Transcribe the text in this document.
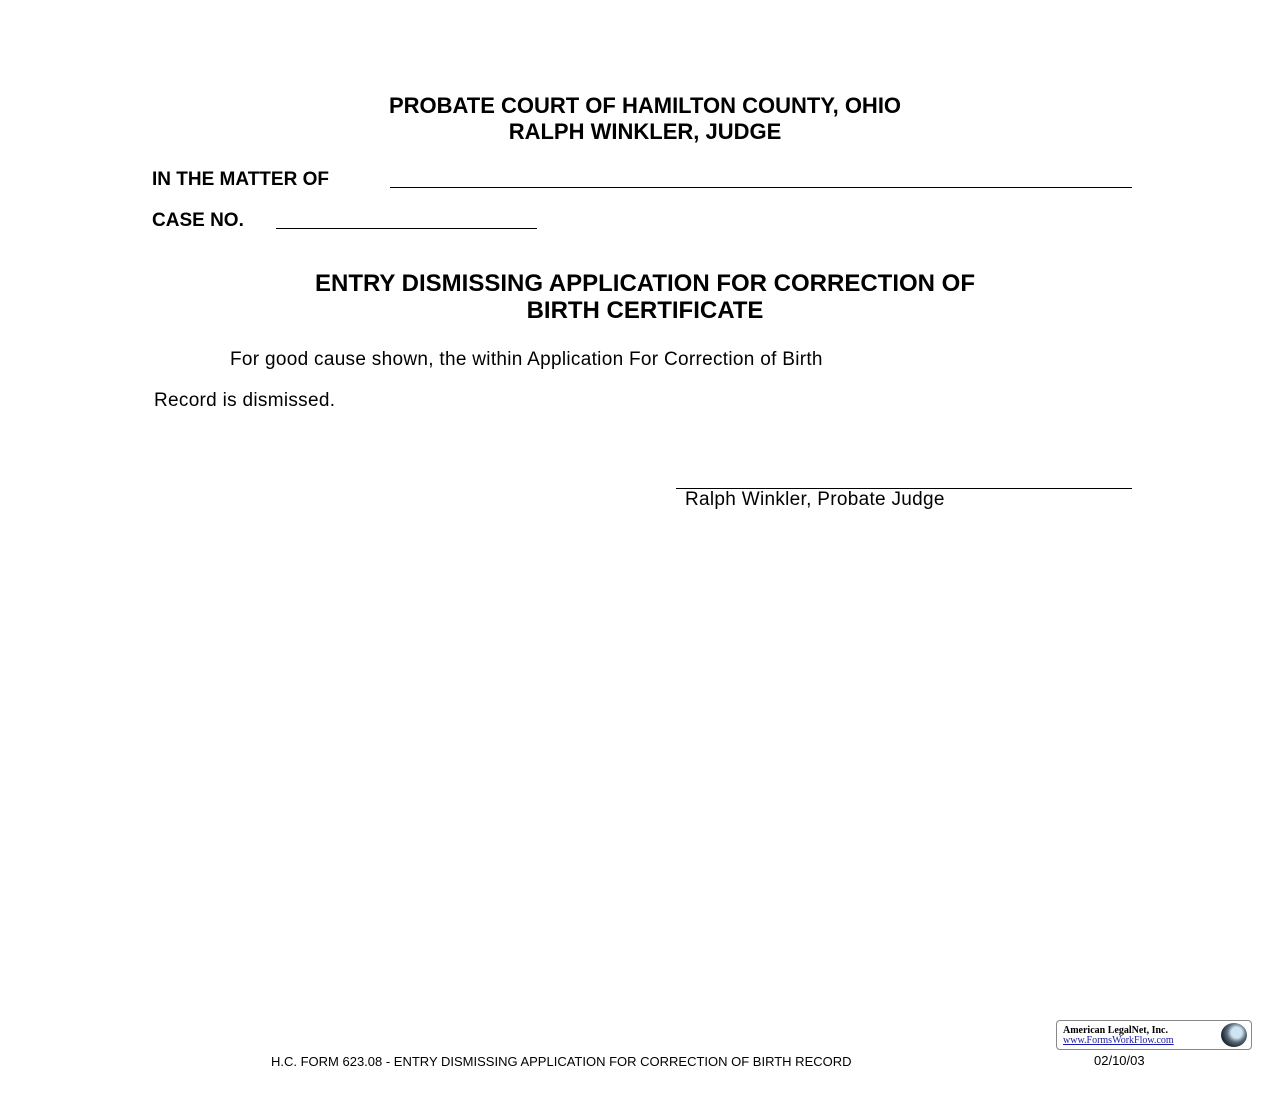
PROBATE COURT OF HAMILTON COUNTY, OHIO
RALPH WINKLER, JUDGE
IN THE MATTER OF
CASE NO.
ENTRY DISMISSING APPLICATION FOR CORRECTION OF
BIRTH CERTIFICATE
For good cause shown, the within Application For Correction of Birth
Record is dismissed.
Ralph Winkler, Probate Judge
American LegalNet, Inc.
www.FormsWorkFlow.com
H.C. FORM 623.08 - ENTRY DISMISSING APPLICATION FOR CORRECTION OF BIRTH RECORD	02/10/03
